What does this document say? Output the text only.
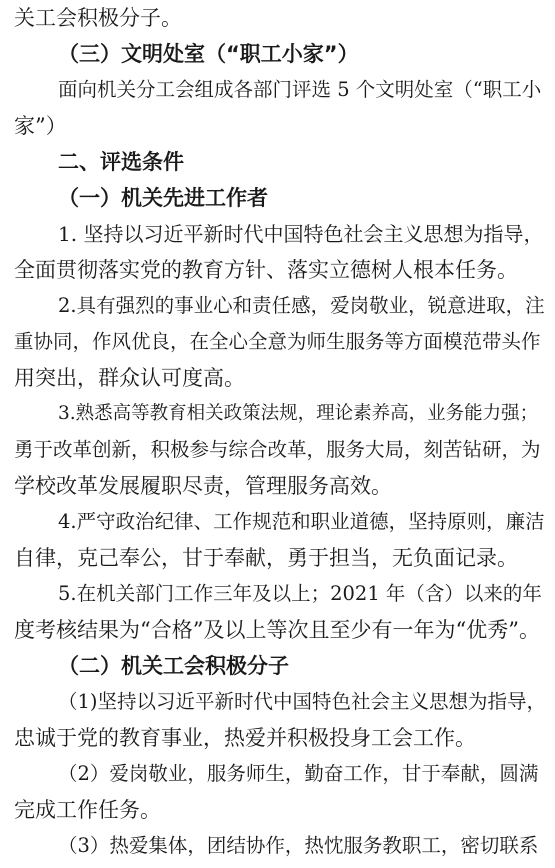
关工会积极分子。
（三）文明处室（“职工小家”）
面向机关分工会组成各部门评选 5 个文明处室（“职工小
家”）
二、评选条件
（一）机关先进工作者
1. 坚持以习近平新时代中国特色社会主义思想为指导，
全面贯彻落实党的教育方针、落实立德树人根本任务。
2.具有强烈的事业心和责任感，爱岗敬业，锐意进取，注
重协同，作风优良，在全心全意为师生服务等方面模范带头作
用突出，群众认可度高。
3.熟悉高等教育相关政策法规，理论素养高，业务能力强；
勇于改革创新，积极参与综合改革，服务大局，刻苦钻研，为
学校改革发展履职尽责，管理服务高效。
4.严守政治纪律、工作规范和职业道德，坚持原则，廉洁
自律，克己奉公，甘于奉献，勇于担当，无负面记录。
5.在机关部门工作三年及以上；2021 年（含）以来的年
度考核结果为“合格”及以上等次且至少有一年为“优秀”。
（二）机关工会积极分子
（1)坚持以习近平新时代中国特色社会主义思想为指导，
忠诚于党的教育事业，热爱并积极投身工会工作。
（2）爱岗敬业，服务师生，勤奋工作，甘于奉献，圆满
完成工作任务。
（3）热爱集体，团结协作，热忱服务教职工，密切联系
